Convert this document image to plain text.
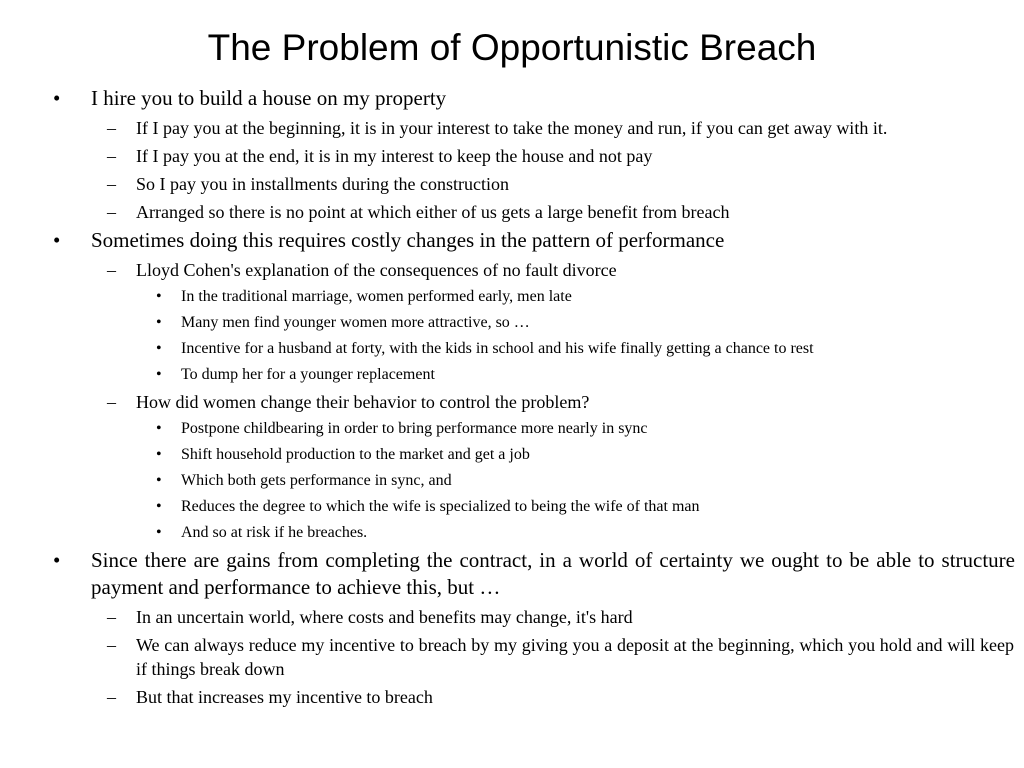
The Problem of Opportunistic Breach
• I hire you to build a house on my property
– If I pay you at the beginning, it is in your interest to take the money and run, if you can get away with it.
– If I pay you at the end, it is in my interest to keep the house and not pay
– So I pay you in installments during the construction
– Arranged so there is no point at which either of us gets a large benefit from breach
• Sometimes doing this requires costly changes in the pattern of performance
– Lloyd Cohen's explanation of the consequences of no fault divorce
• In the traditional marriage, women performed early, men late
• Many men find younger women more attractive, so …
• Incentive for a husband at forty, with the kids in school and his wife finally getting a chance to rest
• To dump her for a younger replacement
– How did women change their behavior to control the problem?
• Postpone childbearing in order to bring performance more nearly in sync
• Shift household production to the market and get a job
• Which both gets performance in sync, and
• Reduces the degree to which the wife is specialized to being the wife of that man
• And so at risk if he breaches.
• Since there are gains from completing the contract, in a world of certainty we ought to be able to structure payment and performance to achieve this, but …
– In an uncertain world, where costs and benefits may change, it's hard
– We can always reduce my incentive to breach by my giving you a deposit at the beginning, which you hold and will keep if things break down
– But that increases my incentive to breach
